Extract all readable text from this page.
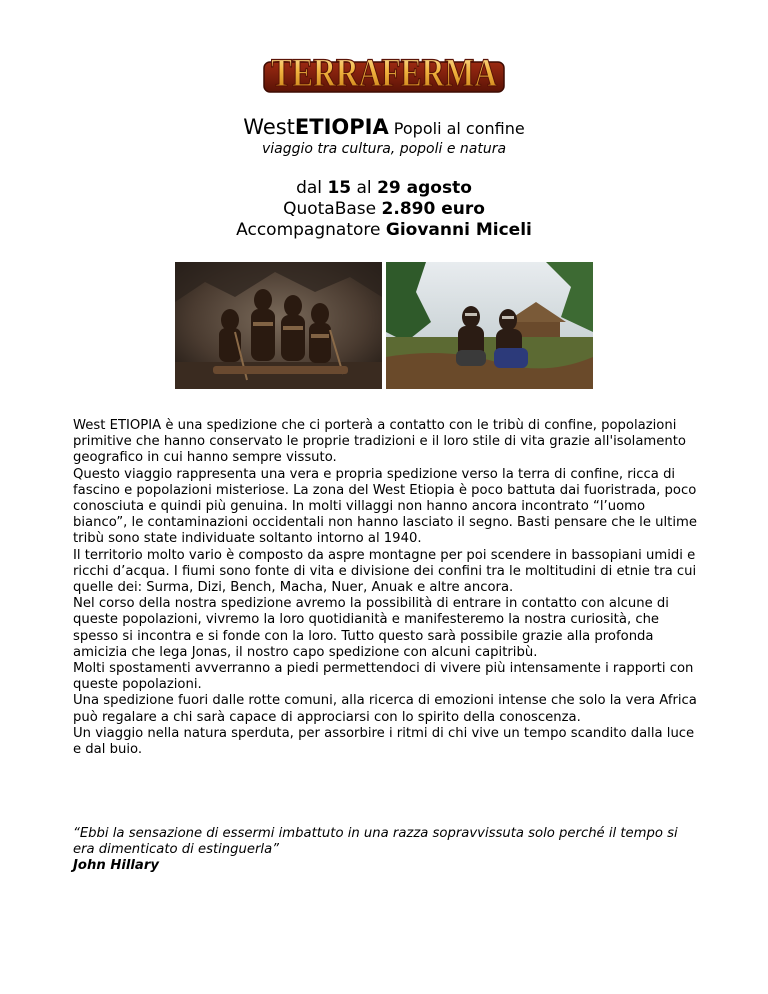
TERRAFERMA
WestETIOPIA Popoli al confine
viaggio tra cultura, popoli e natura
dal 15 al 29 agosto
QuotaBase 2.890 euro
Accompagnatore Giovanni Miceli

West ETIOPIA è una spedizione che ci porterà a contatto con le tribù di confine, popolazioni primitive che hanno conservato le proprie tradizioni e il loro stile di vita grazie all'isolamento geografico in cui hanno sempre vissuto.

Questo viaggio rappresenta una vera e propria spedizione verso la terra di confine, ricca di fascino e popolazioni misteriose. La zona del West Etiopia è poco battuta dai fuoristrada, poco conosciuta e quindi più genuina. In molti villaggi non hanno ancora incontrato “l’uomo bianco”, le contaminazioni occidentali non hanno lasciato il segno. Basti pensare che le ultime tribù sono state individuate soltanto intorno al 1940.

Il territorio molto vario è composto da aspre montagne per poi scendere in bassopiani umidi e ricchi d’acqua. I fiumi sono fonte di vita e divisione dei confini tra le moltitudini di etnie tra cui quelle dei: Surma, Dizi, Bench, Macha, Nuer, Anuak e altre ancora.

Nel corso della nostra spedizione avremo la possibilità di entrare in contatto con alcune di queste popolazioni, vivremo la loro quotidianità e manifesteremo la nostra curiosità, che spesso si incontra e si fonde con la loro. Tutto questo sarà possibile grazie alla profonda amicizia che lega Jonas, il nostro capo spedizione con alcuni capitribù.

Molti spostamenti avverranno a piedi permettendoci di vivere più intensamente i rapporti con queste popolazioni.

Una spedizione fuori dalle rotte comuni, alla ricerca di emozioni intense che solo la vera Africa può regalare a chi sarà capace di approciarsi con lo spirito della conoscenza.

Un viaggio nella natura sperduta, per assorbire i ritmi di chi vive un tempo scandito dalla luce e dal buio.

“Ebbi la sensazione di essermi imbattuto in una razza sopravvissuta solo perché il tempo si era dimenticato di estinguerla”

John Hillary
